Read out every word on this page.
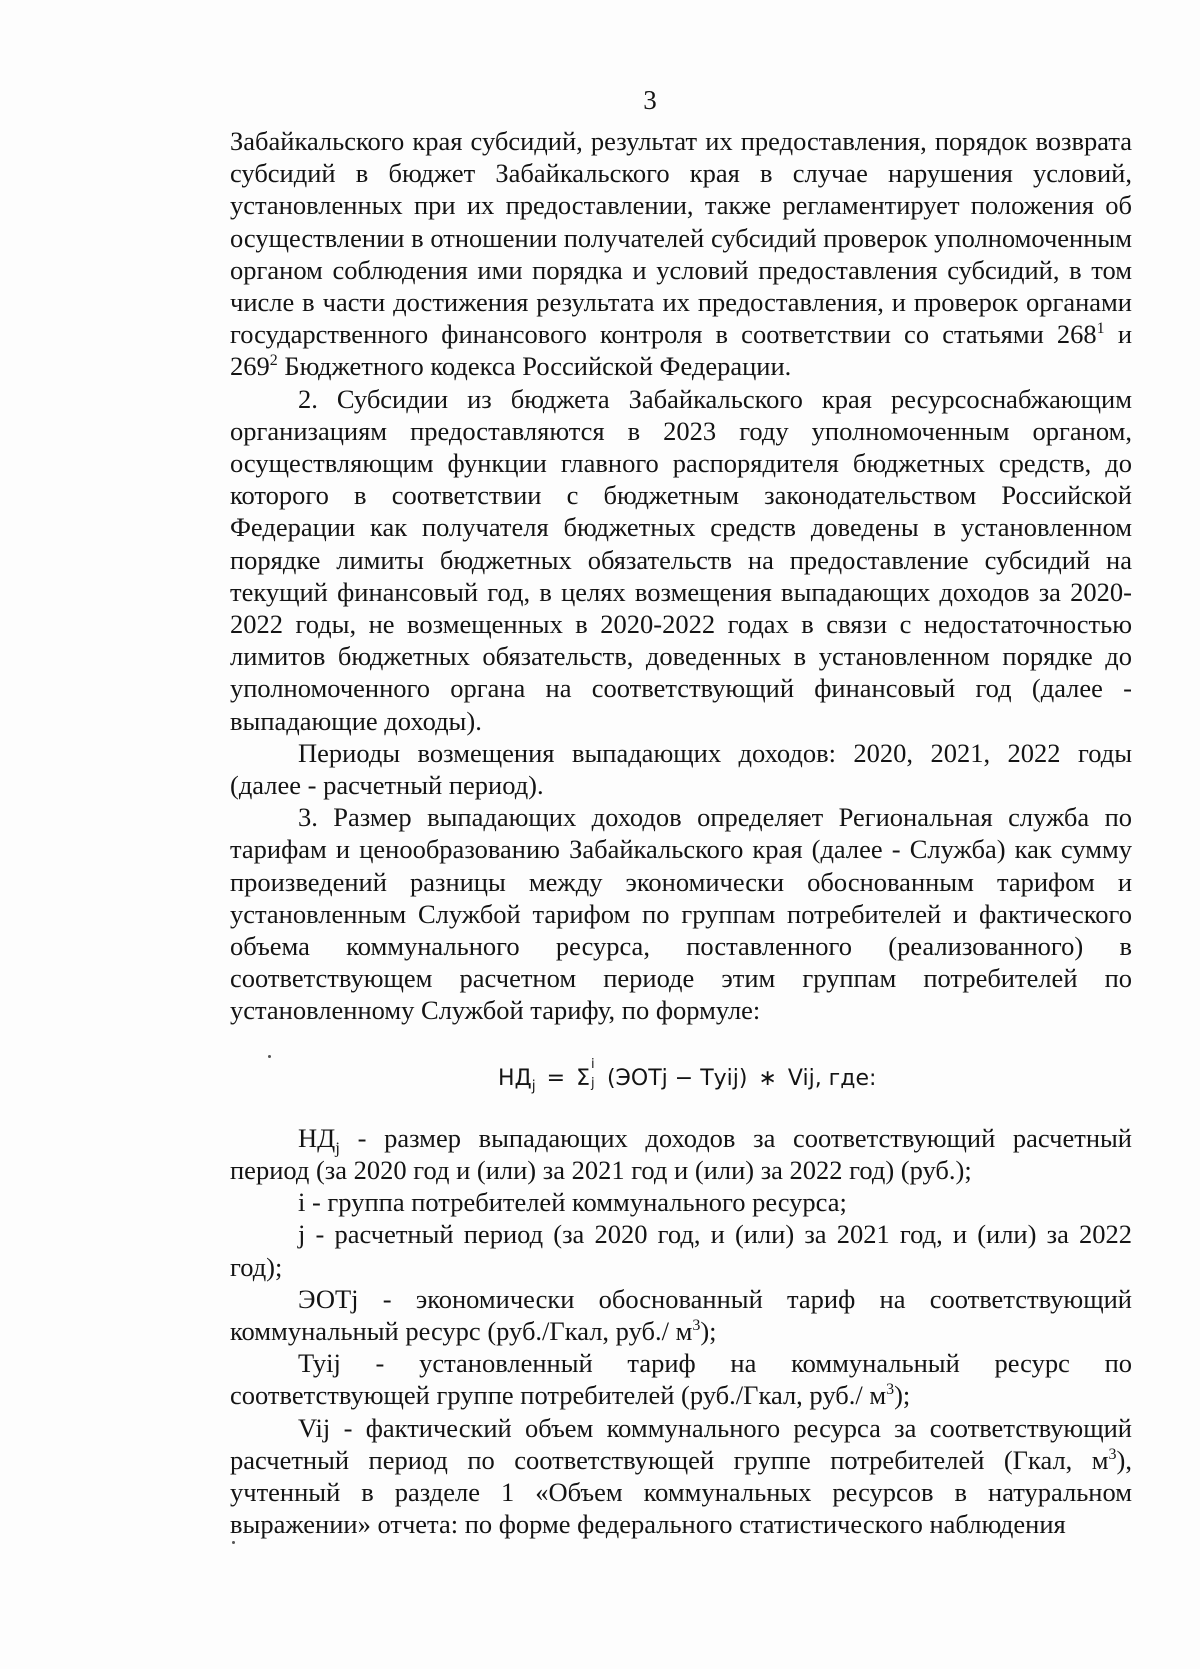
3

Забайкальского края субсидий, результат их предоставления, порядок возврата субсидий в бюджет Забайкальского края в случае нарушения условий, установленных при их предоставлении, также регламентирует положения об осуществлении в отношении получателей субсидий проверок уполномоченным органом соблюдения ими порядка и условий предоставления субсидий, в том числе в части достижения результата их предоставления, и проверок органами государственного финансового контроля в соответствии со статьями $268^1$ и $269^2$ Бюджетного кодекса Российской Федерации.

2. Субсидии из бюджета Забайкальского края ресурсоснабжающим организациям предоставляются в 2023 году уполномоченным органом, осуществляющим функции главного распорядителя бюджетных средств, до которого в соответствии с бюджетным законодательством Российской Федерации как получателя бюджетных средств доведены в установленном порядке лимиты бюджетных обязательств на предоставление субсидий на текущий финансовый год, в целях возмещения выпадающих доходов за 2020-2022 годы, не возмещенных в 2020-2022 годах в связи с недостаточностью лимитов бюджетных обязательств, доведенных в установленном порядке до уполномоченного органа на соответствующий финансовый год (далее - выпадающие доходы).

Периоды возмещения выпадающих доходов: 2020, 2021, 2022 годы (далее - расчетный период).

3. Размер выпадающих доходов определяет Региональная служба по тарифам и ценообразованию Забайкальского края (далее - Служба) как сумму произведений разницы между экономически обоснованным тарифом и установленным Службой тарифом по группам потребителей и фактического объема коммунального ресурса, поставленного (реализованного) в соответствующем расчетном периоде этим группам потребителей по установленному Службой тарифу, по формуле:

$НД_j = \Sigma$
i
j (ЭОТj − Туij) ∗ Vij, где:

$НД_j$ - размер выпадающих доходов за соответствующий расчетный период (за 2020 год и (или) за 2021 год и (или) за 2022 год) (руб.);

i - группа потребителей коммунального ресурса;

j - расчетный период (за 2020 год, и (или) за 2021 год, и (или) за 2022 год);

ЭОТj - экономически обоснованный тариф на соответствующий коммунальный ресурс (руб./Гкал, руб./ $м^3$);

Туij - установленный тариф на коммунальный ресурс по соответствующей группе потребителей (руб./Гкал, руб./ $м^3$);

Vij - фактический объем коммунального ресурса за соответствующий расчетный период по соответствующей группе потребителей (Гкал, $м^3$), учтенный в разделе 1 «Объем коммунальных ресурсов в натуральном выражении» отчета: по форме федерального статистического наблюдения
